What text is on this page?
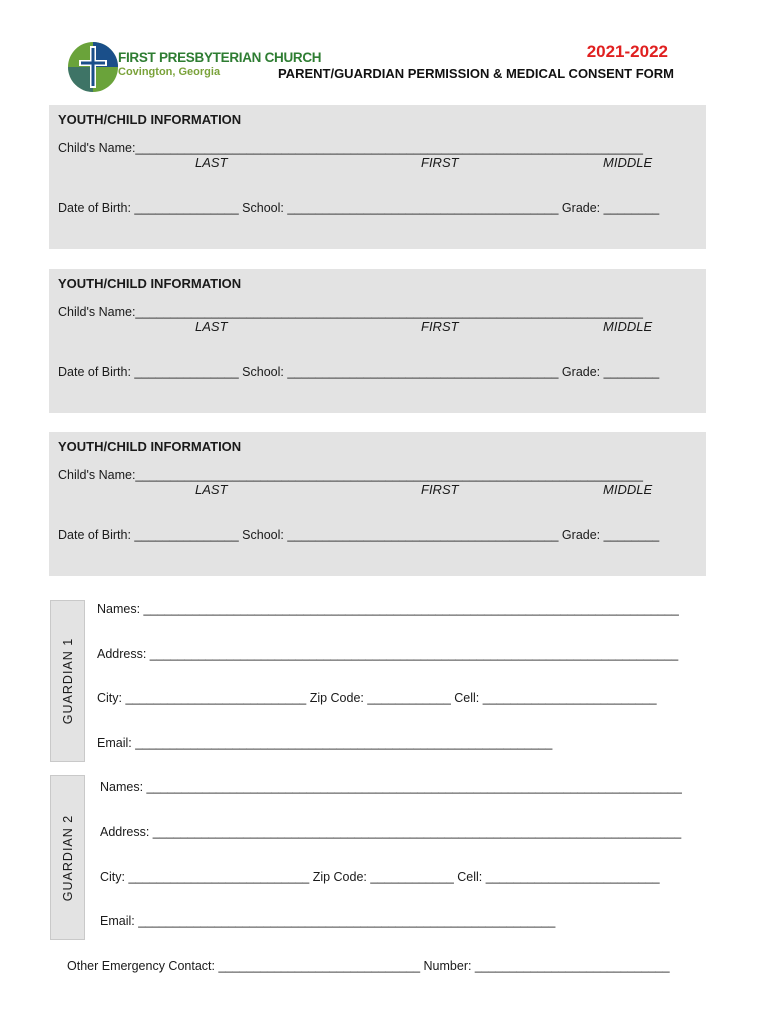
FIRST PRESBYTERIAN CHURCH
Covington, Georgia
2021-2022
PARENT/GUARDIAN PERMISSION & MEDICAL CONSENT FORM
YOUTH/CHILD INFORMATION
Child's Name:_________________________________________________________________________
LAST	FIRST	MIDDLE
Date of Birth: _______________ School: _______________________________________ Grade: ________
YOUTH/CHILD INFORMATION
Child's Name:_________________________________________________________________________
LAST	FIRST	MIDDLE
Date of Birth: _______________ School: _______________________________________ Grade: ________
YOUTH/CHILD INFORMATION
Child's Name:_________________________________________________________________________
LAST	FIRST	MIDDLE
Date of Birth: _______________ School: _______________________________________ Grade: ________
GUARDIAN 1
Names: _____________________________________________________________________________
Address: ____________________________________________________________________________
City: __________________________ Zip Code: ____________ Cell: _________________________
Email: ____________________________________________________________
GUARDIAN 2
Names: _____________________________________________________________________________
Address: ____________________________________________________________________________
City: __________________________ Zip Code: ____________ Cell: _________________________
Email: ____________________________________________________________
Other Emergency Contact: _____________________________ Number: ____________________________
